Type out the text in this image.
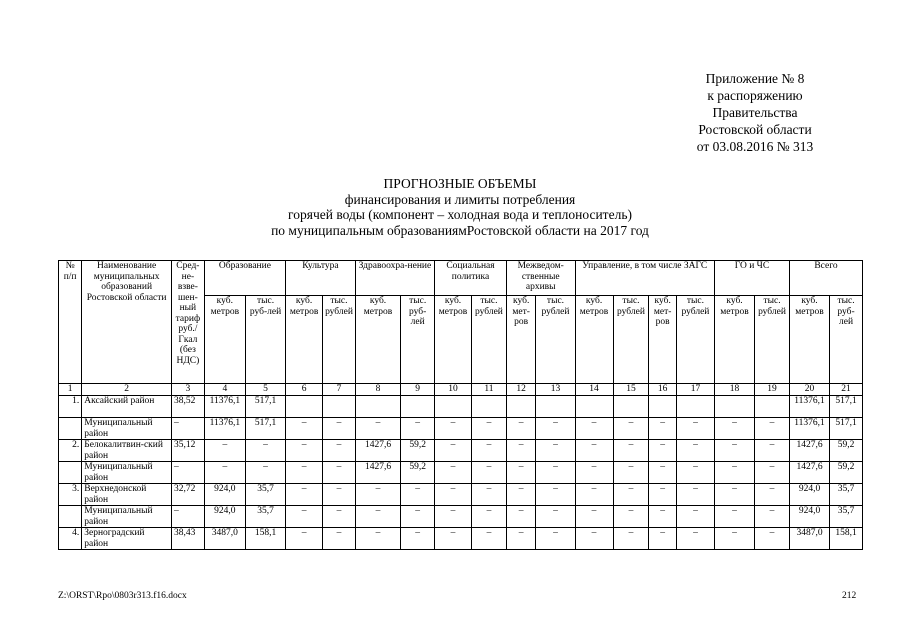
Приложение № 8
к распоряжению
Правительства
Ростовской области
от 03.08.2016 № 313
ПРОГНОЗНЫЕ ОБЪЕМЫ
финансирования и лимиты потребления
горячей воды (компонент – холодная вода и теплоноситель)
по муниципальным образованиямРостовской области на 2017 год
№ п/п	Наименование муниципальных образований Ростовской области	Сред-не-взве-шен-ный тариф руб./ Гкал (без НДС)	Образование		Культура		Здравоохра-нение		Социальная политика		Межведом-ственные архивы		Управление, в том числе ЗАГС				ГО и ЧС		Всего	
			куб. метров	тыс. руб-лей	куб. метров	тыс. рублей	куб. метров	тыс. руб-лей	куб. метров	тыс. рублей	куб. мет-ров	тыс. рублей	куб. метров	тыс. рублей	куб. мет-ров	тыс. рублей	куб. метров	тыс. рублей	куб. метров	тыс. руб-лей
1	2	3	4	5	6	7	8	9	10	11	12	13	14	15	16	17	18	19	20	21
1.	Аксайский район	38,52	11376,1	517,1															11376,1	517,1
	Муниципальный район	–	11376,1	517,1	–	–	–	–	–	–	–	–	–	–	–	–	–	–	11376,1	517,1
2.	Белокалитвин-ский район	35,12	–	–	–	–	1427,6	59,2	–	–	–	–	–	–	–	–	–	–	1427,6	59,2
	Муниципальный район	–	–	–	–	–	1427,6	59,2	–	–	–	–	–	–	–	–	–	–	1427,6	59,2
3.	Верхнедонской район	32,72	924,0	35,7	–	–	–	–	–	–	–	–	–	–	–	–	–	–	924,0	35,7
	Муниципальный район	–	924,0	35,7	–	–	–	–	–	–	–	–	–	–	–	–	–	–	924,0	35,7
4.	Зерноградский район	38,43	3487,0	158,1	–	–	–	–	–	–	–	–	–	–	–	–	–	–	3487,0	158,1
Z:\ORST\Rpo\0803r313.f16.docx	212
